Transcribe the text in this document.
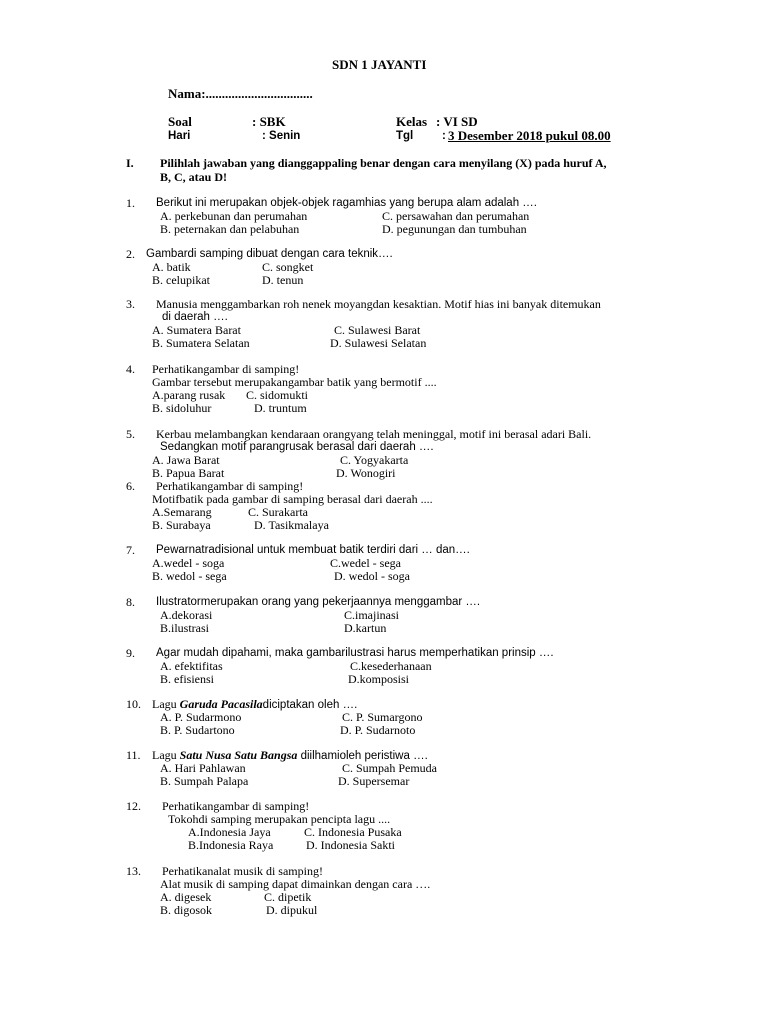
SDN 1 JAYANTI
Nama:.................................
Soal	: SBK	Kelas : VI SD
Hari	: Senin	Tgl	: 3 Desember 2018 pukul 08.00
I. Pilihlah jawaban yang dianggappaling benar dengan cara menyilang (X) pada huruf A,
B, C, atau D!
1. Berikut ini merupakan objek-objek ragamhias yang berupa alam adalah ….
A. perkebunan dan perumahan	C. persawahan dan perumahan
B. peternakan dan pelabuhan	D. pegunungan dan tumbuhan
2. Gambardi samping dibuat dengan cara teknik….
A. batik	C. songket
B. celupikat	D. tenun
3. Manusia menggambarkan roh nenek moyangdan kesaktian. Motif hias ini banyak ditemukan
di daerah ….
A. Sumatera Barat	C. Sulawesi Barat
B. Sumatera Selatan	D. Sulawesi Selatan
4. Perhatikangambar di samping!
Gambar tersebut merupakangambar batik yang bermotif ....
A.parang rusak C. sidomukti
B. sidoluhur	D. truntum
5. Kerbau melambangkan kendaraan orangyang telah meninggal, motif ini berasal adari Bali.
Sedangkan motif parangrusak berasal dari daerah ….
A. Jawa Barat	C. Yogyakarta
B. Papua Barat	D. Wonogiri
6. Perhatikangambar di samping!
Motifbatik pada gambar di samping berasal dari daerah ....
A.Semarang	C. Surakarta
B. Surabaya	D. Tasikmalaya
7. Pewarnatradisional untuk membuat batik terdiri dari … dan….
A.wedel - soga	C.wedel - sega
B. wedol - sega	D. wedol - soga
8. Ilustratormerupakan orang yang pekerjaannya menggambar ….
A.dekorasi	C.imajinasi
B.ilustrasi	D.kartun
9. Agar mudah dipahami, maka gambarilustrasi harus memperhatikan prinsip ….
A. efektifitas	C.kesederhanaan
B. efisiensi	D.komposisi
10. Lagu Garuda Pacasiladiciptakan oleh ….
A. P. Sudarmono	C. P. Sumargono
B. P. Sudartono	D. P. Sudarnoto
11. Lagu Satu Nusa Satu Bangsa diilhamioleh peristiwa ….
A. Hari Pahlawan	C. Sumpah Pemuda
B. Sumpah Palapa	D. Supersemar
12. Perhatikangambar di samping!
Tokohdi samping merupakan pencipta lagu ....
A.Indonesia Jaya	C. Indonesia Pusaka
B.Indonesia Raya	D. Indonesia Sakti
13. Perhatikanalat musik di samping!
Alat musik di samping dapat dimainkan dengan cara ….
A. digesek	C. dipetik
B. digosok	D. dipukul
